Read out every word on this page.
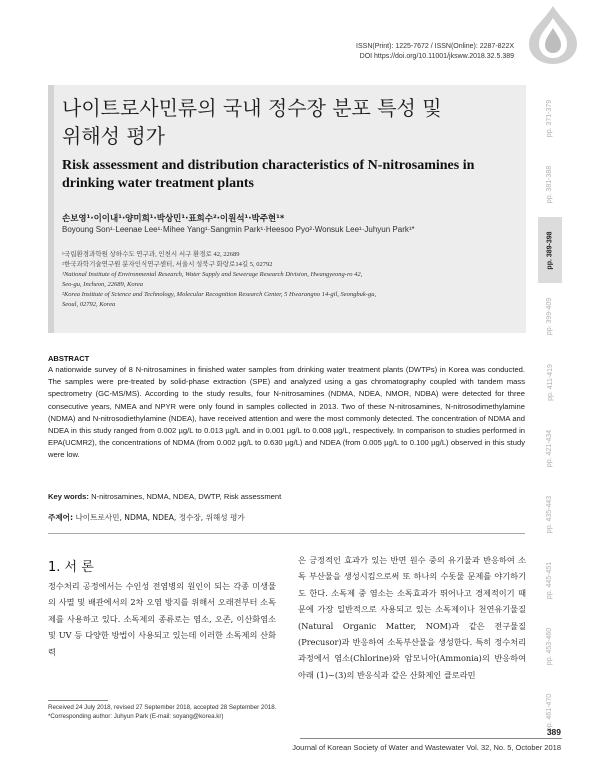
ISSN(Print): 1225-7672 / ISSN(Online): 2287-822X
DOI https://doi.org/10.11001/jksww.2018.32.5.389
나이트로사민류의 국내 정수장 분포 특성 및
위해성 평가
Risk assessment and distribution characteristics of N-nitrosamines in drinking water treatment plants
손보영¹·이이내¹·양미희¹·박상민¹·표희수²·이원석¹·박주현¹*
Boyoung Son¹·Leenae Lee¹·Mihee Yang¹·Sangmin Park¹·Heesoo Pyo²·Wonsuk Lee¹·Juhyun Park¹*
¹국립환경과학원 상하수도 연구과, 인천시 서구 환경로 42, 22689
²한국과학기술연구원 분자인식연구센터, 서울시 성북구 화랑로14길 5, 02792
¹National Institute of Environmental Research, Water Supply and Sewerage Research Division, Hwangyeong-ro 42,
Seo-gu, Incheon, 22689, Korea
²Korea Institute of Science and Technology, Molecular Recognition Research Center, 5 Hwarangno 14-gil, Seongbuk-gu,
Seoul, 02792, Korea
pp. 371-379
pp. 381-388
pp. 389-398
pp. 399-409
pp. 411-419
pp. 421-434
pp. 435-443
pp. 445-451
pp. 453-460
pp. 461-470
ABSTRACT
A nationwide survey of 8 N-nitrosamines in finished water samples from drinking water treatment plants (DWTPs) in Korea was conducted. The samples were pre-treated by solid-phase extraction (SPE) and analyzed using a gas chromatography coupled with tandem mass spectrometry (GC-MS/MS). According to the study results, four N-nitrosamines (NDMA, NDEA, NMOR, NDBA) were detected for three consecutive years, NMEA and NPYR were only found in samples collected in 2013. Two of these N-nitrosamines, N-nitrosodimethylamine (NDMA) and N-nitrosodiethylamine (NDEA), have received attention and were the most commonly detected. The concentration of NDMA and NDEA in this study ranged from 0.002 µg/L to 0.013 µg/L and in 0.001 µg/L to 0.008 µg/L, respectively. In comparison to studies performed in EPA(UCMR2), the concentrations of NDMA (from 0.002 µg/L to 0.630 µg/L) and NDEA (from 0.005 µg/L to 0.100 µg/L) observed in this study were low.
Key words: N-nitrosamines, NDMA, NDEA, DWTP, Risk assessment
주제어: 나이트로사민, NDMA, NDEA, 정수장, 위해성 평가
1. 서 론
정수처리 공정에서는 수인성 전염병의 원인이 되는 각종 미생물의 사멸 및 배관에서의 2차 오염 방지를 위해서 오래전부터 소독제를 사용하고 있다. 소독제의 종류로는 염소, 오존, 이산화염소 및 UV 등 다양한 방법이 사용되고 있는데 이러한 소독제의 산화력
은 긍정적인 효과가 있는 반면 원수 중의 유기물과 반응하여 소독 부산물을 생성시킴으로써 또 하나의 수돗물 문제를 야기하기도 한다. 소독제 중 염소는 소독효과가 뛰어나고 경제적이기 때문에 가장 일반적으로 사용되고 있는 소독제이나 천연유기물질(Natural Organic Matter, NOM)과 같은 전구물질(Precusor)과 반응하여 소독부산물을 생성한다. 특히 정수처리 과정에서 염소(Chlorine)와 암모니아(Ammonia)의 반응하여 아래 (1)~(3)의 반응식과 같은 산화제인 클로라민
Received 24 July 2018, revised 27 September 2018, accepted 28 September 2018.
*Corresponding author: Juhyun Park (E-mail: soyang@korea.kr)
389
Journal of Korean Society of Water and Wastewater Vol. 32, No. 5, October 2018
